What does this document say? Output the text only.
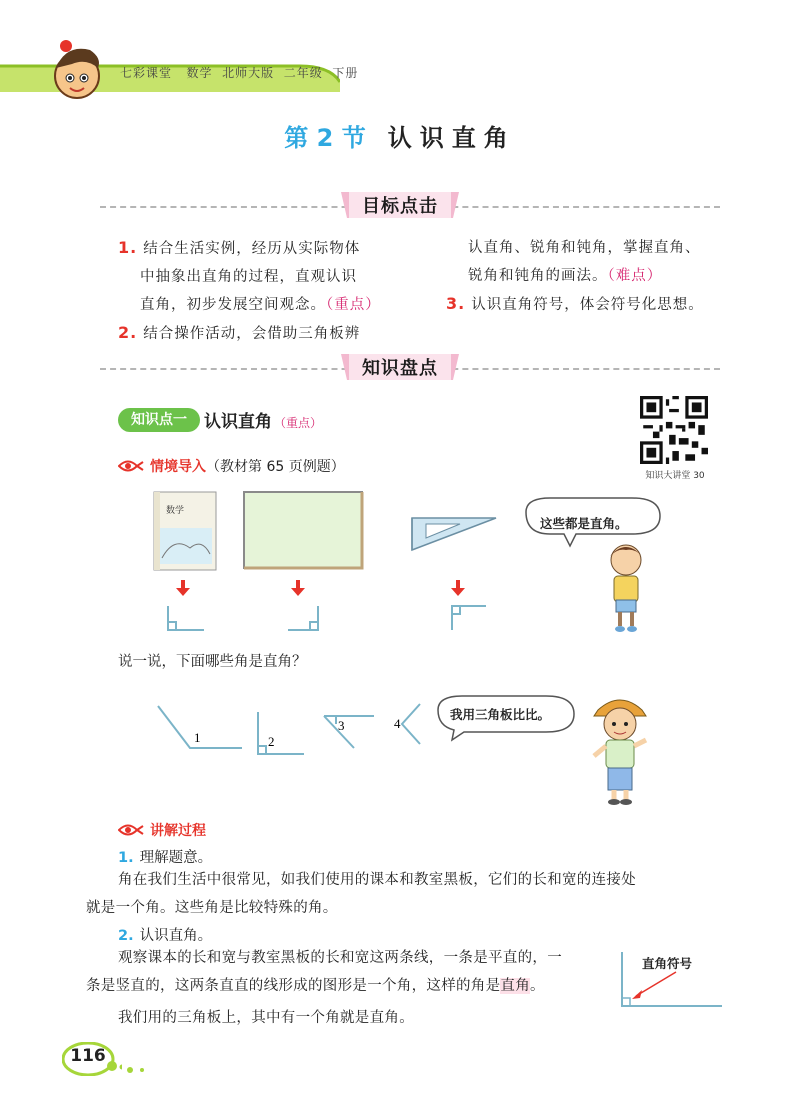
七彩课堂   数学  北师大版  二年级  下册
第 2 节 认识直角
目标点击
1. 结合生活实例，经历从实际物体
中抽象出直角的过程，直观认识
直角，初步发展空间观念。（重点）
2. 结合操作活动，会借助三角板辨
认直角、锐角和钝角，掌握直角、
锐角和钝角的画法。（难点）
3. 认识直角符号，体会符号化思想。
知识盘点
知识点一	认识直角 （重点）
知识大讲堂 30
情境导入（教材第 65 页例题）
这些都是直角。
数学
说一说，下面哪些角是直角？
1	2
3	4
我用三角板比比。
讲解过程
1. 理解题意。
角在我们生活中很常见，如我们使用的课本和教室黑板，它们的长和宽的连接处
就是一个角。这些角是比较特殊的角。
2. 认识直角。
观察课本的长和宽与教室黑板的长和宽这两条线，一条是平直的，一
条是竖直的，这两条直直的线形成的图形是一个角，这样的角是直角。
我们用的三角板上，其中有一个角就是直角。
直角符号
116
